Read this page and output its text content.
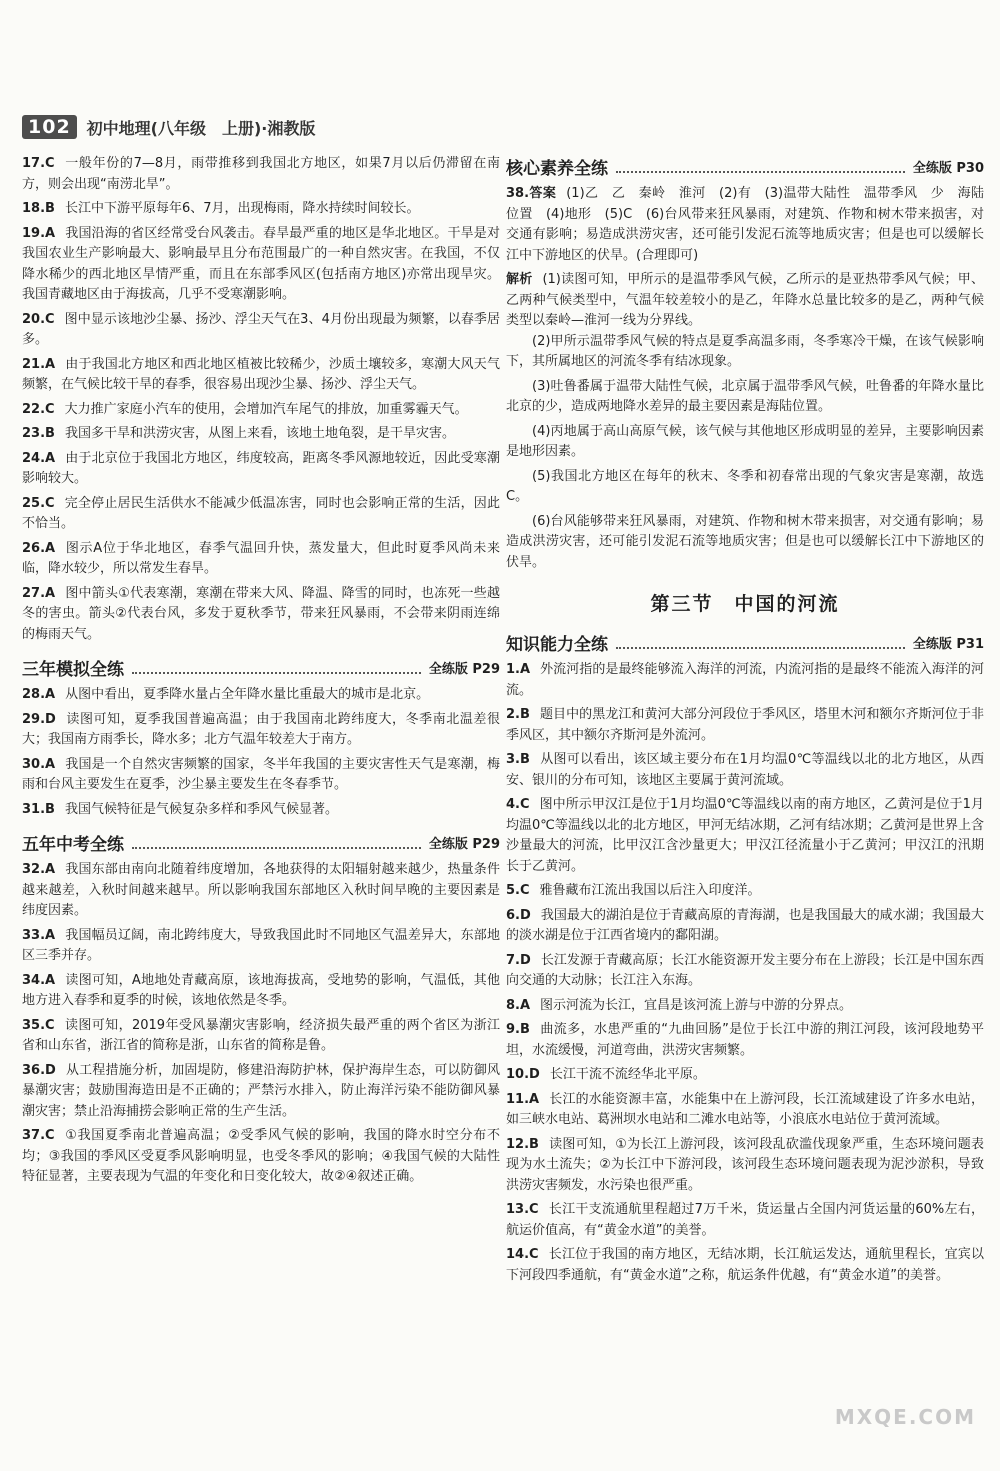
102	初中地理(八年级　上册)·湘教版
17.C 一般年份的7—8月，雨带推移到我国北方地区，如果7月以后仍滞留在南方，则会出现“南涝北旱”。
18.B 长江中下游平原每年6、7月，出现梅雨，降水持续时间较长。
19.A 我国沿海的省区经常受台风袭击。春旱最严重的地区是华北地区。干旱是对我国农业生产影响最大、影响最早且分布范围最广的一种自然灾害。在我国，不仅降水稀少的西北地区旱情严重，而且在东部季风区(包括南方地区)亦常出现旱灾。我国青藏地区由于海拔高，几乎不受寒潮影响。
20.C 图中显示该地沙尘暴、扬沙、浮尘天气在3、4月份出现最为频繁，以春季居多。
21.A 由于我国北方地区和西北地区植被比较稀少，沙质土壤较多，寒潮大风天气频繁，在气候比较干旱的春季，很容易出现沙尘暴、扬沙、浮尘天气。
22.C 大力推广家庭小汽车的使用，会增加汽车尾气的排放，加重雾霾天气。
23.B 我国多干旱和洪涝灾害，从图上来看，该地土地龟裂，是干旱灾害。
24.A 由于北京位于我国北方地区，纬度较高，距离冬季风源地较近，因此受寒潮影响较大。
25.C 完全停止居民生活供水不能减少低温冻害，同时也会影响正常的生活，因此不恰当。
26.A 图示A位于华北地区，春季气温回升快，蒸发量大，但此时夏季风尚未来临，降水较少，所以常发生春旱。
27.A 图中箭头①代表寒潮，寒潮在带来大风、降温、降雪的同时，也冻死一些越冬的害虫。箭头②代表台风，多发于夏秋季节，带来狂风暴雨，不会带来阴雨连绵的梅雨天气。
三年模拟全练	全练版 P29
28.A 从图中看出，夏季降水量占全年降水量比重最大的城市是北京。
29.D 读图可知，夏季我国普遍高温；由于我国南北跨纬度大，冬季南北温差很大；我国南方雨季长，降水多；北方气温年较差大于南方。
30.A 我国是一个自然灾害频繁的国家，冬半年我国的主要灾害性天气是寒潮，梅雨和台风主要发生在夏季，沙尘暴主要发生在冬春季节。
31.B 我国气候特征是气候复杂多样和季风气候显著。
五年中考全练	全练版 P29
32.A 我国东部由南向北随着纬度增加，各地获得的太阳辐射越来越少，热量条件越来越差，入秋时间越来越早。所以影响我国东部地区入秋时间早晚的主要因素是纬度因素。
33.A 我国幅员辽阔，南北跨纬度大，导致我国此时不同地区气温差异大，东部地区三季并存。
34.A 读图可知，A地地处青藏高原，该地海拔高，受地势的影响，气温低，其他地方进入春季和夏季的时候，该地依然是冬季。
35.C 读图可知，2019年受风暴潮灾害影响，经济损失最严重的两个省区为浙江省和山东省，浙江省的简称是浙，山东省的简称是鲁。
36.D 从工程措施分析，加固堤防，修建沿海防护林，保护海岸生态，可以防御风暴潮灾害；鼓励围海造田是不正确的；严禁污水排入，防止海洋污染不能防御风暴潮灾害；禁止沿海捕捞会影响正常的生产生活。
37.C ①我国夏季南北普遍高温；②受季风气候的影响，我国的降水时空分布不均；③我国的季风区受夏季风影响明显，也受冬季风的影响；④我国气候的大陆性特征显著，主要表现为气温的年变化和日变化较大，故②④叙述正确。
核心素养全练	全练版 P30
38.答案 (1)乙　乙　秦岭　淮河　(2)有　(3)温带大陆性　温带季风　少　海陆位置　(4)地形　(5)C　(6)台风带来狂风暴雨，对建筑、作物和树木带来损害，对交通有影响；易造成洪涝灾害，还可能引发泥石流等地质灾害；但是也可以缓解长江中下游地区的伏旱。(合理即可)
解析 (1)读图可知，甲所示的是温带季风气候，乙所示的是亚热带季风气候；甲、乙两种气候类型中，气温年较差较小的是乙，年降水总量比较多的是乙，两种气候类型以秦岭—淮河一线为分界线。
(2)甲所示温带季风气候的特点是夏季高温多雨，冬季寒冷干燥，在该气候影响下，其所属地区的河流冬季有结冰现象。
(3)吐鲁番属于温带大陆性气候，北京属于温带季风气候，吐鲁番的年降水量比北京的少，造成两地降水差异的最主要因素是海陆位置。
(4)丙地属于高山高原气候，该气候与其他地区形成明显的差异，主要影响因素是地形因素。
(5)我国北方地区在每年的秋末、冬季和初春常出现的气象灾害是寒潮，故选C。
(6)台风能够带来狂风暴雨，对建筑、作物和树木带来损害，对交通有影响；易造成洪涝灾害，还可能引发泥石流等地质灾害；但是也可以缓解长江中下游地区的伏旱。
第三节　中国的河流
知识能力全练	全练版 P31
1.A 外流河指的是最终能够流入海洋的河流，内流河指的是最终不能流入海洋的河流。
2.B 题目中的黑龙江和黄河大部分河段位于季风区，塔里木河和额尔齐斯河位于非季风区，其中额尔齐斯河是外流河。
3.B 从图可以看出，该区域主要分布在1月均温0℃等温线以北的北方地区，从西安、银川的分布可知，该地区主要属于黄河流域。
4.C 图中所示甲汉江是位于1月均温0℃等温线以南的南方地区，乙黄河是位于1月均温0℃等温线以北的北方地区，甲河无结冰期，乙河有结冰期；乙黄河是世界上含沙量最大的河流，比甲汉江含沙量更大；甲汉江径流量小于乙黄河；甲汉江的汛期长于乙黄河。
5.C 雅鲁藏布江流出我国以后注入印度洋。
6.D 我国最大的湖泊是位于青藏高原的青海湖，也是我国最大的咸水湖；我国最大的淡水湖是位于江西省境内的鄱阳湖。
7.D 长江发源于青藏高原；长江水能资源开发主要分布在上游段；长江是中国东西向交通的大动脉；长江注入东海。
8.A 图示河流为长江，宜昌是该河流上游与中游的分界点。
9.B 曲流多，水患严重的“九曲回肠”是位于长江中游的荆江河段，该河段地势平坦，水流缓慢，河道弯曲，洪涝灾害频繁。
10.D 长江干流不流经华北平原。
11.A 长江的水能资源丰富，水能集中在上游河段，长江流域建设了许多水电站，如三峡水电站、葛洲坝水电站和二滩水电站等，小浪底水电站位于黄河流域。
12.B 读图可知，①为长江上游河段，该河段乱砍滥伐现象严重，生态环境问题表现为水土流失；②为长江中下游河段，该河段生态环境问题表现为泥沙淤积，导致洪涝灾害频发，水污染也很严重。
13.C 长江干支流通航里程超过7万千米，货运量占全国内河货运量的60%左右，航运价值高，有“黄金水道”的美誉。
14.C 长江位于我国的南方地区，无结冰期，长江航运发达，通航里程长，宜宾以下河段四季通航，有“黄金水道”之称，航运条件优越，有“黄金水道”的美誉。
MXQE.COM
